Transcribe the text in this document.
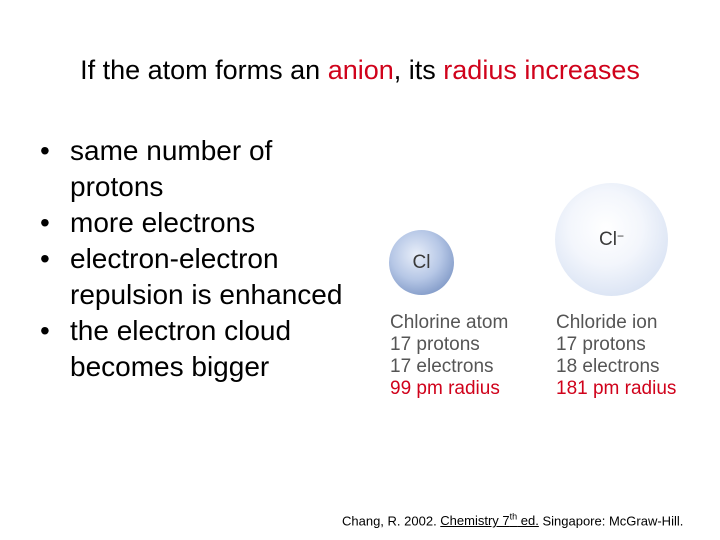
If the atom forms an anion, its radius increases
• same number of protons
• more electrons
• electron-electron repulsion is enhanced
• the electron cloud becomes bigger
Cl
Cl−
Chlorine atom
17 protons
17 electrons
99 pm radius
Chloride ion
17 protons
18 electrons
181 pm radius
Chang, R. 2002. Chemistry 7th ed. Singapore: McGraw-Hill.
